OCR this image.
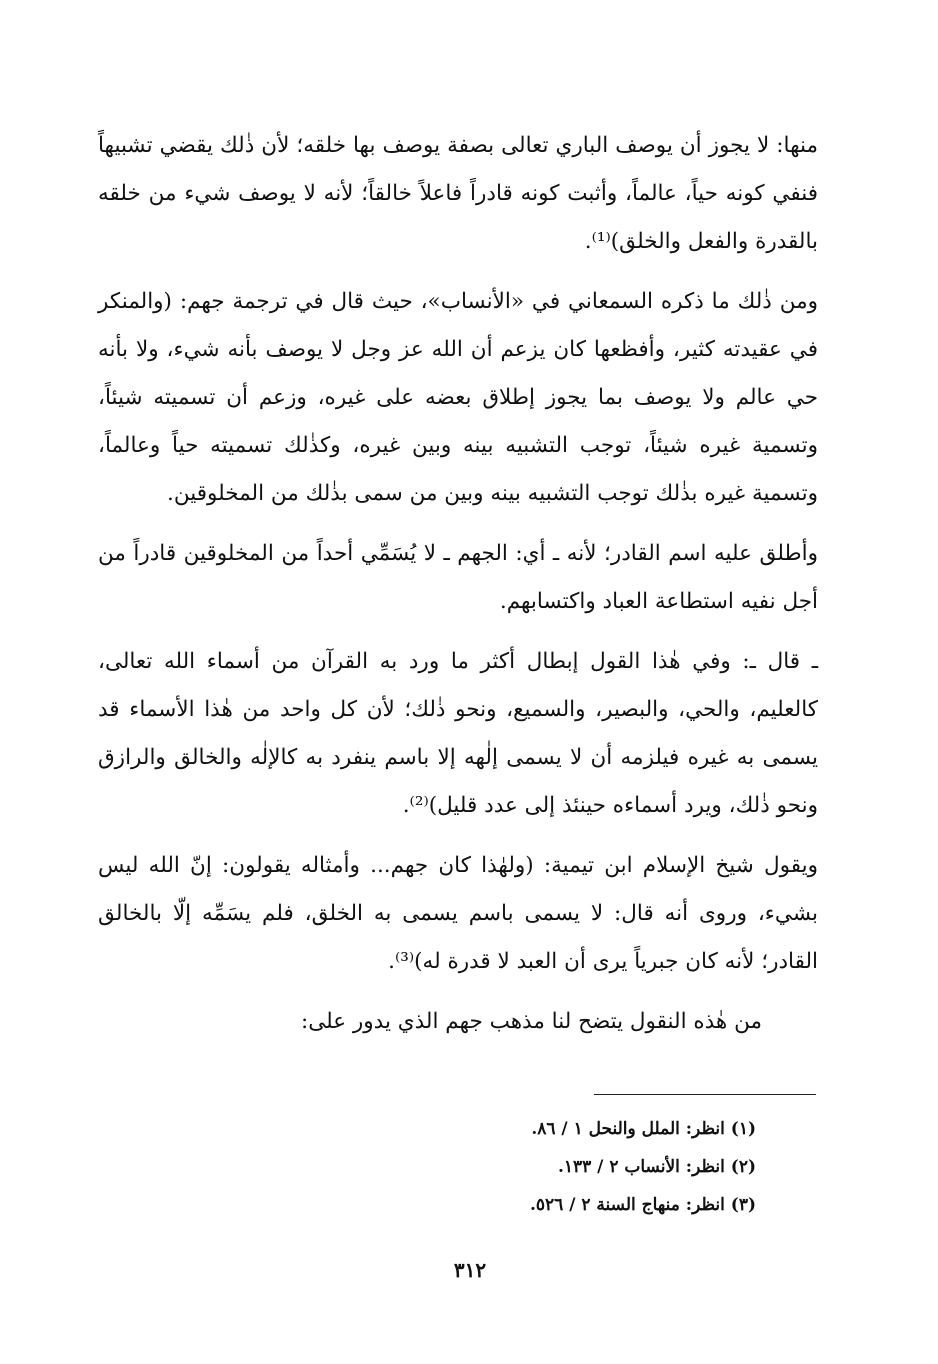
منها: لا يجوز أن يوصف الباري تعالى بصفة يوصف بها خلقه؛ لأن ذٰلك يقضي تشبيهاً فنفي كونه حياً، عالماً، وأثبت كونه قادراً فاعلاً خالقاً؛ لأنه لا يوصف شيء من خلقه بالقدرة والفعل والخلق)⁽¹⁾.

ومن ذٰلك ما ذكره السمعاني في «الأنساب»، حيث قال في ترجمة جهم: (والمنكر في عقيدته كثير، وأفظعها كان يزعم أن الله عز وجل لا يوصف بأنه شيء، ولا بأنه حي عالم ولا يوصف بما يجوز إطلاق بعضه على غيره، وزعم أن تسميته شيئاً، وتسمية غيره شيئاً، توجب التشبيه بينه وبين غيره، وكذٰلك تسميته حياً وعالماً، وتسمية غيره بذٰلك توجب التشبيه بينه وبين من سمى بذٰلك من المخلوقين.

وأطلق عليه اسم القادر؛ لأنه ـ أي: الجهم ـ لا يُسَمِّي أحداً من المخلوقين قادراً من أجل نفيه استطاعة العباد واكتسابهم.

ـ قال ـ: وفي هٰذا القول إبطال أكثر ما ورد به القرآن من أسماء الله تعالى، كالعليم، والحي، والبصير، والسميع، ونحو ذٰلك؛ لأن كل واحد من هٰذا الأسماء قد يسمى به غيره فيلزمه أن لا يسمى إلٰهه إلا باسم ينفرد به كالإلٰه والخالق والرازق ونحو ذٰلك، ويرد أسماءه حينئذ إلى عدد قليل)⁽²⁾.

ويقول شيخ الإسلام ابن تيمية: (ولهٰذا كان جهم... وأمثاله يقولون: إنّ الله ليس بشيء، وروى أنه قال: لا يسمى باسم يسمى به الخلق، فلم يسَمِّه إلّا بالخالق القادر؛ لأنه كان جبرياً يرى أن العبد لا قدرة له)⁽³⁾.

من هٰذه النقول يتضح لنا مذهب جهم الذي يدور على:

(١) انظر: الملل والنحل ١ / ٨٦.

(٢) انظر: الأنساب ٢ / ١٣٣.

(٣) انظر: منهاج السنة ٢ / ٥٢٦.

٣١٢
